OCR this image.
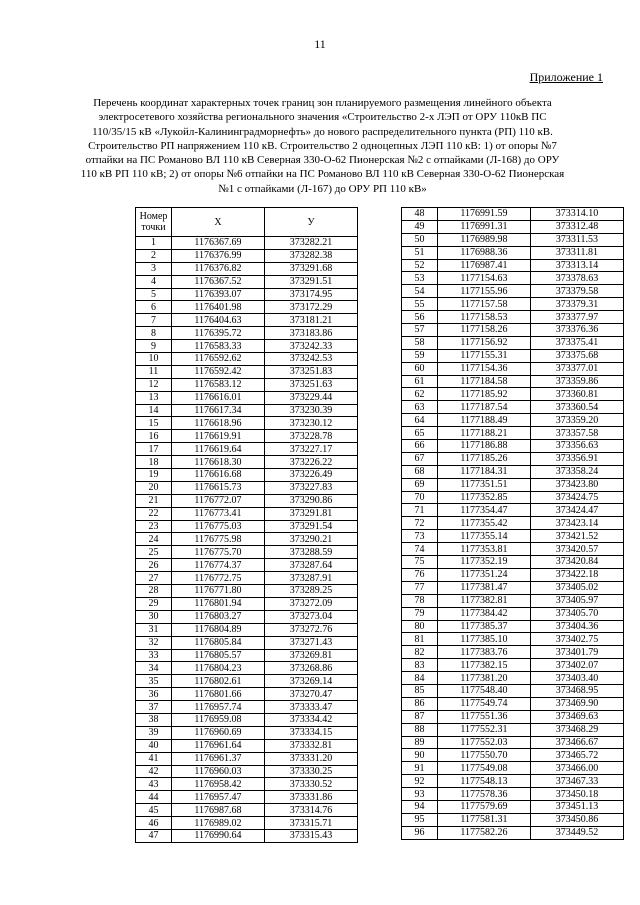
11
Приложение 1
Перечень координат характерных точек границ зон планируемого размещения линейного объекта электросетевого хозяйства регионального значения «Строительство 2-х ЛЭП от ОРУ 110кВ ПС 110/35/15 кВ «Лукойл-Калининградморнефть» до нового распределительного пункта (РП) 110 кВ. Строительство РП напряжением 110 кВ. Строительство 2 одноцепных ЛЭП 110 кВ: 1) от опоры №7 отпайки на ПС Романово ВЛ 110 кВ Северная 330-О-62 Пионерская №2 с отпайками (Л-168) до ОРУ 110 кВ РП 110 кВ; 2) от опоры №6 отпайки на ПС Романово ВЛ 110 кВ Северная 330-О-62 Пионерская №1 с отпайками (Л-167) до ОРУ РП 110 кВ»
Номер точки	Х	У
1	1176367.69	373282.21
2	1176376.99	373282.38
3	1176376.82	373291.68
4	1176367.52	373291.51
5	1176393.07	373174.95
6	1176401.98	373172.29
7	1176404.63	373181.21
8	1176395.72	373183.86
9	1176583.33	373242.33
10	1176592.62	373242.53
11	1176592.42	373251.83
12	1176583.12	373251.63
13	1176616.01	373229.44
14	1176617.34	373230.39
15	1176618.96	373230.12
16	1176619.91	373228.78
17	1176619.64	373227.17
18	1176618.30	373226.22
19	1176616.68	373226.49
20	1176615.73	373227.83
21	1176772.07	373290.86
22	1176773.41	373291.81
23	1176775.03	373291.54
24	1176775.98	373290.21
25	1176775.70	373288.59
26	1176774.37	373287.64
27	1176772.75	373287.91
28	1176771.80	373289.25
29	1176801.94	373272.09
30	1176803.27	373273.04
31	1176804.89	373272.76
32	1176805.84	373271.43
33	1176805.57	373269.81
34	1176804.23	373268.86
35	1176802.61	373269.14
36	1176801.66	373270.47
37	1176957.74	373333.47
38	1176959.08	373334.42
39	1176960.69	373334.15
40	1176961.64	373332.81
41	1176961.37	373331.20
42	1176960.03	373330.25
43	1176958.42	373330.52
44	1176957.47	373331.86
45	1176987.68	373314.76
46	1176989.02	373315.71
47	1176990.64	373315.43
48	1176991.59	373314.10
49	1176991.31	373312.48
50	1176989.98	373311.53
51	1176988.36	373311.81
52	1176987.41	373313.14
53	1177154.63	373378.63
54	1177155.96	373379.58
55	1177157.58	373379.31
56	1177158.53	373377.97
57	1177158.26	373376.36
58	1177156.92	373375.41
59	1177155.31	373375.68
60	1177154.36	373377.01
61	1177184.58	373359.86
62	1177185.92	373360.81
63	1177187.54	373360.54
64	1177188.49	373359.20
65	1177188.21	373357.58
66	1177186.88	373356.63
67	1177185.26	373356.91
68	1177184.31	373358.24
69	1177351.51	373423.80
70	1177352.85	373424.75
71	1177354.47	373424.47
72	1177355.42	373423.14
73	1177355.14	373421.52
74	1177353.81	373420.57
75	1177352.19	373420.84
76	1177351.24	373422.18
77	1177381.47	373405.02
78	1177382.81	373405.97
79	1177384.42	373405.70
80	1177385.37	373404.36
81	1177385.10	373402.75
82	1177383.76	373401.79
83	1177382.15	373402.07
84	1177381.20	373403.40
85	1177548.40	373468.95
86	1177549.74	373469.90
87	1177551.36	373469.63
88	1177552.31	373468.29
89	1177552.03	373466.67
90	1177550.70	373465.72
91	1177549.08	373466.00
92	1177548.13	373467.33
93	1177578.36	373450.18
94	1177579.69	373451.13
95	1177581.31	373450.86
96	1177582.26	373449.52
